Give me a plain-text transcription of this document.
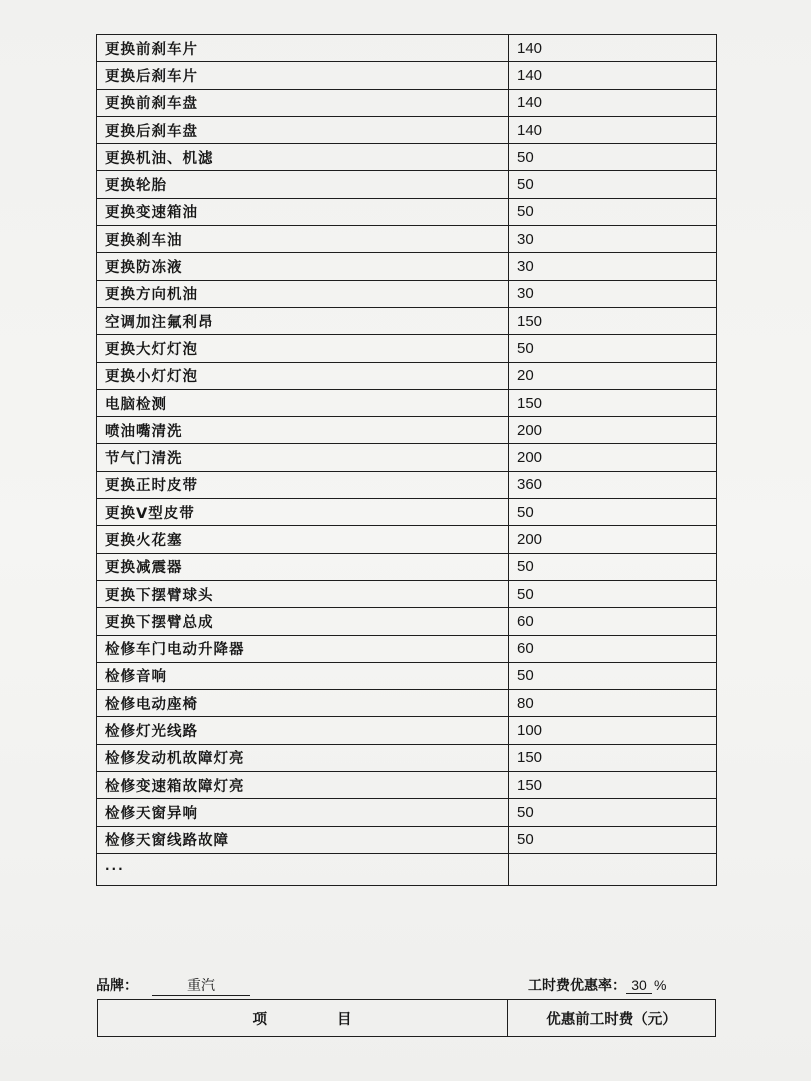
更换前刹车片	140
更换后刹车片	140
更换前刹车盘	140
更换后刹车盘	140
更换机油、机滤	50
更换轮胎	50
更换变速箱油	50
更换刹车油	30
更换防冻液	30
更换方向机油	30
空调加注氟利昂	150
更换大灯灯泡	50
更换小灯灯泡	20
电脑检测	150
喷油嘴清洗	200
节气门清洗	200
更换正时皮带	360
更换V型皮带	50
更换火花塞	200
更换减震器	50
更换下摆臂球头	50
更换下摆臂总成	60
检修车门电动升降器	60
检修音响	50
检修电动座椅	80
检修灯光线路	100
检修发动机故障灯亮	150
检修变速箱故障灯亮	150
检修天窗异响	50
检修天窗线路故障	50
...	
品牌：	重汽	工时费优惠率： 30 %
项目	优惠前工时费（元）
